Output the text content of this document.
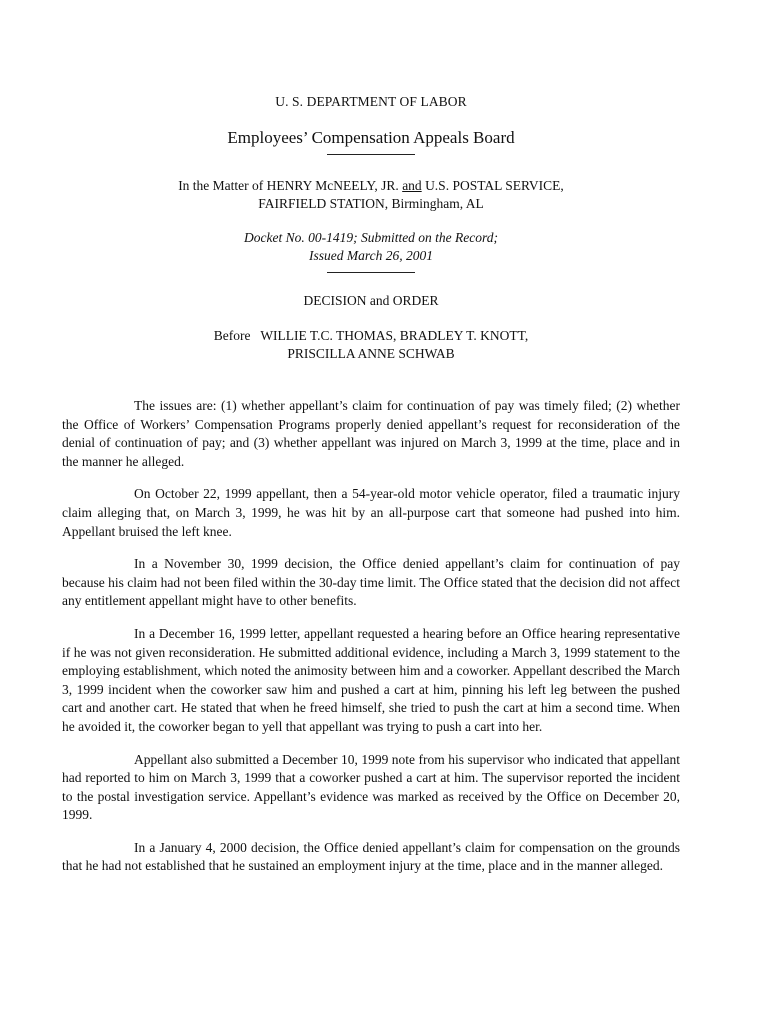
U. S. DEPARTMENT OF LABOR
Employees’ Compensation Appeals Board
In the Matter of HENRY McNEELY, JR. and U.S. POSTAL SERVICE,
FAIRFIELD STATION, Birmingham, AL
Docket No. 00-1419; Submitted on the Record;
Issued March 26, 2001
DECISION and ORDER
Before   WILLIE T.C. THOMAS, BRADLEY T. KNOTT,
PRISCILLA ANNE SCHWAB

The issues are: (1) whether appellant’s claim for continuation of pay was timely filed; (2) whether the Office of Workers’ Compensation Programs properly denied appellant’s request for reconsideration of the denial of continuation of pay; and (3) whether appellant was injured on March 3, 1999 at the time, place and in the manner he alleged.

On October 22, 1999 appellant, then a 54-year-old motor vehicle operator, filed a traumatic injury claim alleging that, on March 3, 1999, he was hit by an all-purpose cart that someone had pushed into him. Appellant bruised the left knee.

In a November 30, 1999 decision, the Office denied appellant’s claim for continuation of pay because his claim had not been filed within the 30-day time limit. The Office stated that the decision did not affect any entitlement appellant might have to other benefits.

In a December 16, 1999 letter, appellant requested a hearing before an Office hearing representative if he was not given reconsideration. He submitted additional evidence, including a March 3, 1999 statement to the employing establishment, which noted the animosity between him and a coworker. Appellant described the March 3, 1999 incident when the coworker saw him and pushed a cart at him, pinning his left leg between the pushed cart and another cart. He stated that when he freed himself, she tried to push the cart at him a second time. When he avoided it, the coworker began to yell that appellant was trying to push a cart into her.

Appellant also submitted a December 10, 1999 note from his supervisor who indicated that appellant had reported to him on March 3, 1999 that a coworker pushed a cart at him. The supervisor reported the incident to the postal investigation service. Appellant’s evidence was marked as received by the Office on December 20, 1999.

In a January 4, 2000 decision, the Office denied appellant’s claim for compensation on the grounds that he had not established that he sustained an employment injury at the time, place and in the manner alleged.
